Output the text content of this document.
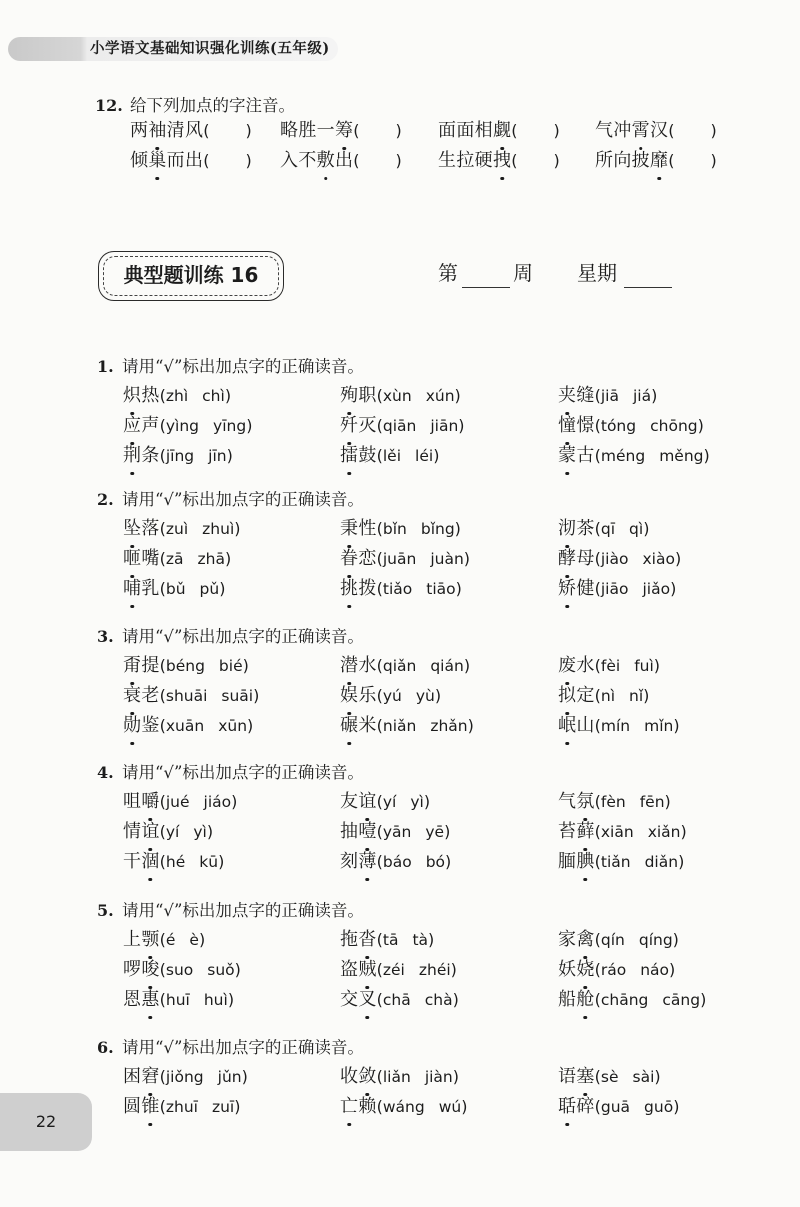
小学语文基础知识强化训练(五年级)
12. 给下列加点的字注音。
两袖清风( )	略胜一筹( )	面面相觑( )	气冲霄汉( )
倾巢而出( )	入不敷出( )	生拉硬拽( )	所向披靡( )
典型题训练 16	第	周 星期
1. 请用“√”标出加点字的正确读音。
炽热(zhì chì)	殉职(xùn xún)	夹缝(jiā jiá)
应声(yìng yīng)	歼灭(qiān jiān)	憧憬(tóng chōng)
荆条(jīng jīn)	擂鼓(lěi léi)	蒙古(méng měng)
2. 请用“√”标出加点字的正确读音。
坠落(zuì zhuì)	秉性(bǐn bǐng)	沏茶(qī qì)
咂嘴(zā zhā)	眷恋(juān juàn)	酵母(jiào xiào)
哺乳(bǔ pǔ)	挑拨(tiǎo tiāo)	矫健(jiāo jiǎo)
3. 请用“√”标出加点字的正确读音。
甭提(béng bié)	潜水(qiǎn qián)	废水(fèi fuì)
衰老(shuāi suāi)	娱乐(yú yù)	拟定(nì nǐ)
勋鉴(xuān xūn)	碾米(niǎn zhǎn)	岷山(mín mǐn)
4. 请用“√”标出加点字的正确读音。
咀嚼(jué jiáo)	友谊(yí yì)	气氛(fèn fēn)
情谊(yí yì)	抽噎(yān yē)	苔藓(xiān xiǎn)
干涸(hé kū)	刻薄(báo bó)	腼腆(tiǎn diǎn)
5. 请用“√”标出加点字的正确读音。
上颚(é è)	拖沓(tā tà)	家禽(qín qíng)
啰唆(suo suǒ)	盗贼(zéi zhéi)	妖娆(ráo náo)
恩惠(huī huì)	交叉(chā chà)	船舱(chāng cāng)
6. 请用“√”标出加点字的正确读音。
困窘(jiǒng jǔn)	收敛(liǎn jiàn)	语塞(sè sài)
圆锥(zhuī zuī)	亡赖(wáng wú)	聒碎(guā guō)
22
